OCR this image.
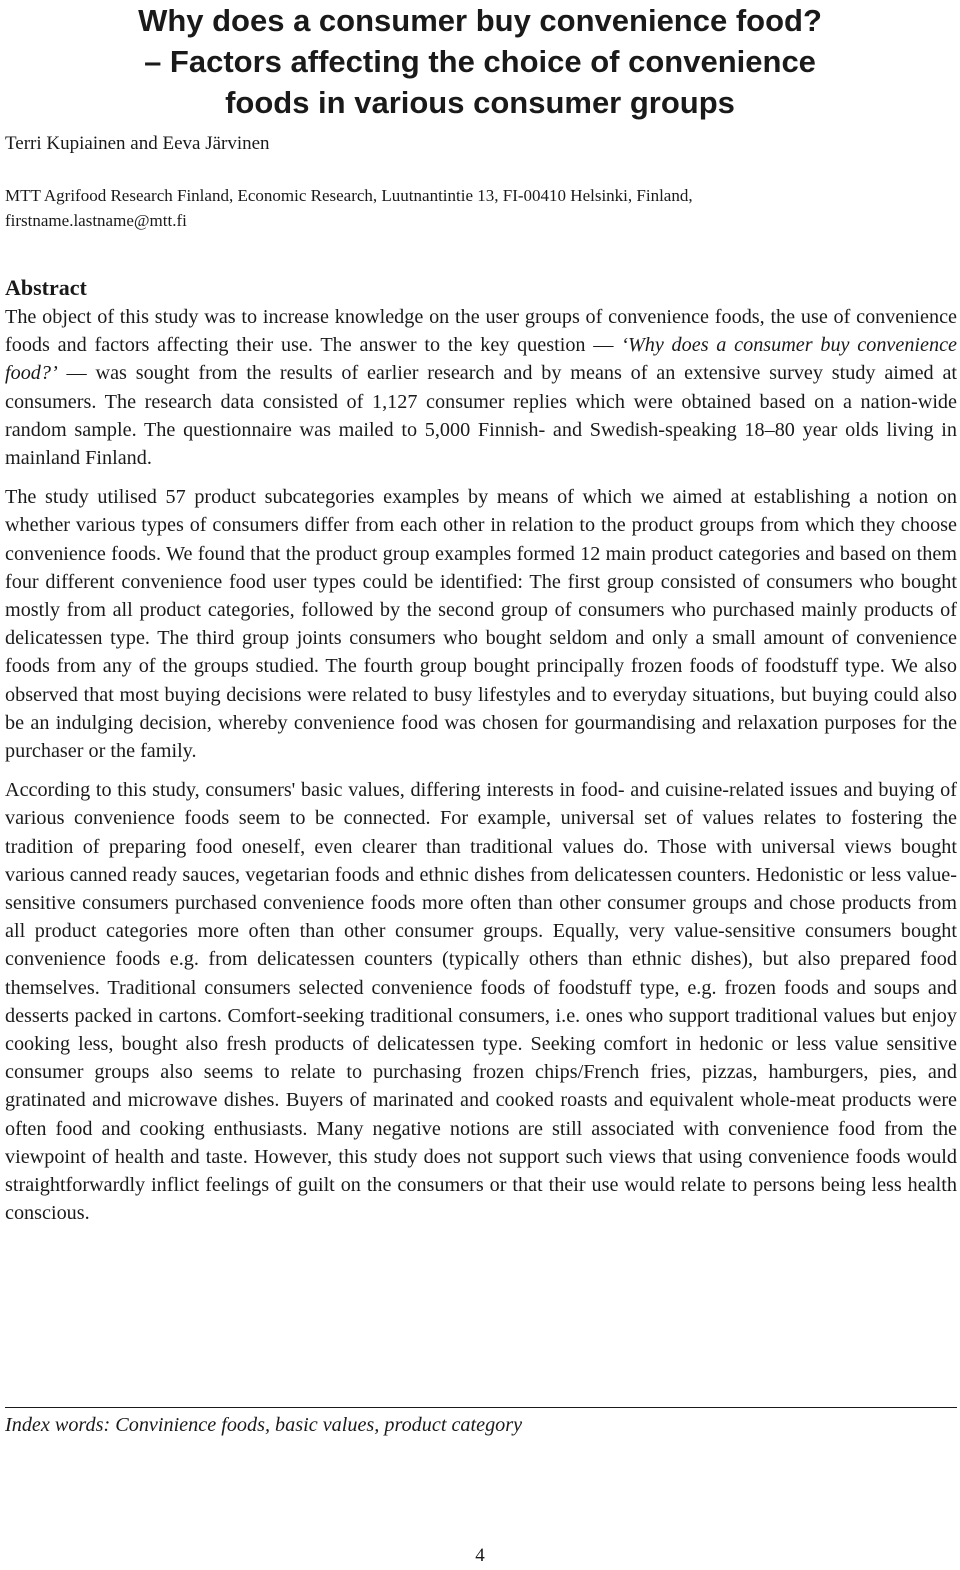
Why does a consumer buy convenience food?
– Factors affecting the choice of convenience
foods in various consumer groups

Terri Kupiainen and Eeva Järvinen

MTT Agrifood Research Finland, Economic Research, Luutnantintie 13, FI-00410 Helsinki, Finland,
firstname.lastname@mtt.fi

Abstract

The object of this study was to increase knowledge on the user groups of convenience foods, the use of convenience foods and factors affecting their use. The answer to the key question — ‘Why does a consumer buy convenience food?’ — was sought from the results of earlier research and by means of an extensive survey study aimed at consumers. The research data consisted of 1,127 consumer replies which were obtained based on a nation-wide random sample. The questionnaire was mailed to 5,000 Finnish- and Swedish-speaking 18–80 year olds living in mainland Finland.

The study utilised 57 product subcategories examples by means of which we aimed at establishing a notion on whether various types of consumers differ from each other in relation to the product groups from which they choose convenience foods. We found that the product group examples formed 12 main product categories and based on them four different convenience food user types could be identified: The first group consisted of consumers who bought mostly from all product categories, followed by the second group of consumers who purchased mainly products of delicatessen type. The third group joints consumers who bought seldom and only a small amount of convenience foods from any of the groups studied. The fourth group bought principally frozen foods of foodstuff type. We also observed that most buying decisions were related to busy lifestyles and to everyday situations, but buying could also be an indulging decision, whereby convenience food was chosen for gourmandising and relaxation purposes for the purchaser or the family.

According to this study, consumers' basic values, differing interests in food- and cuisine-related issues and buying of various convenience foods seem to be connected. For example, universal set of values relates to fostering the tradition of preparing food oneself, even clearer than traditional values do. Those with universal views bought various canned ready sauces, vegetarian foods and ethnic dishes from delicatessen counters. Hedonistic or less value-sensitive consumers purchased convenience foods more often than other consumer groups and chose products from all product categories more often than other consumer groups. Equally, very value-sensitive consumers bought convenience foods e.g. from delicatessen counters (typically others than ethnic dishes), but also prepared food themselves. Traditional consumers selected convenience foods of foodstuff type, e.g. frozen foods and soups and desserts packed in cartons. Comfort-seeking traditional consumers, i.e. ones who support traditional values but enjoy cooking less, bought also fresh products of delicatessen type. Seeking comfort in hedonic or less value sensitive consumer groups also seems to relate to purchasing frozen chips/French fries, pizzas, hamburgers, pies, and gratinated and microwave dishes. Buyers of marinated and cooked roasts and equivalent whole-meat products were often food and cooking enthusiasts. Many negative notions are still associated with convenience food from the viewpoint of health and taste. However, this study does not support such views that using convenience foods would straightforwardly inflict feelings of guilt on the consumers or that their use would relate to persons being less health conscious.

Index words: Convinience foods, basic values, product category

4
